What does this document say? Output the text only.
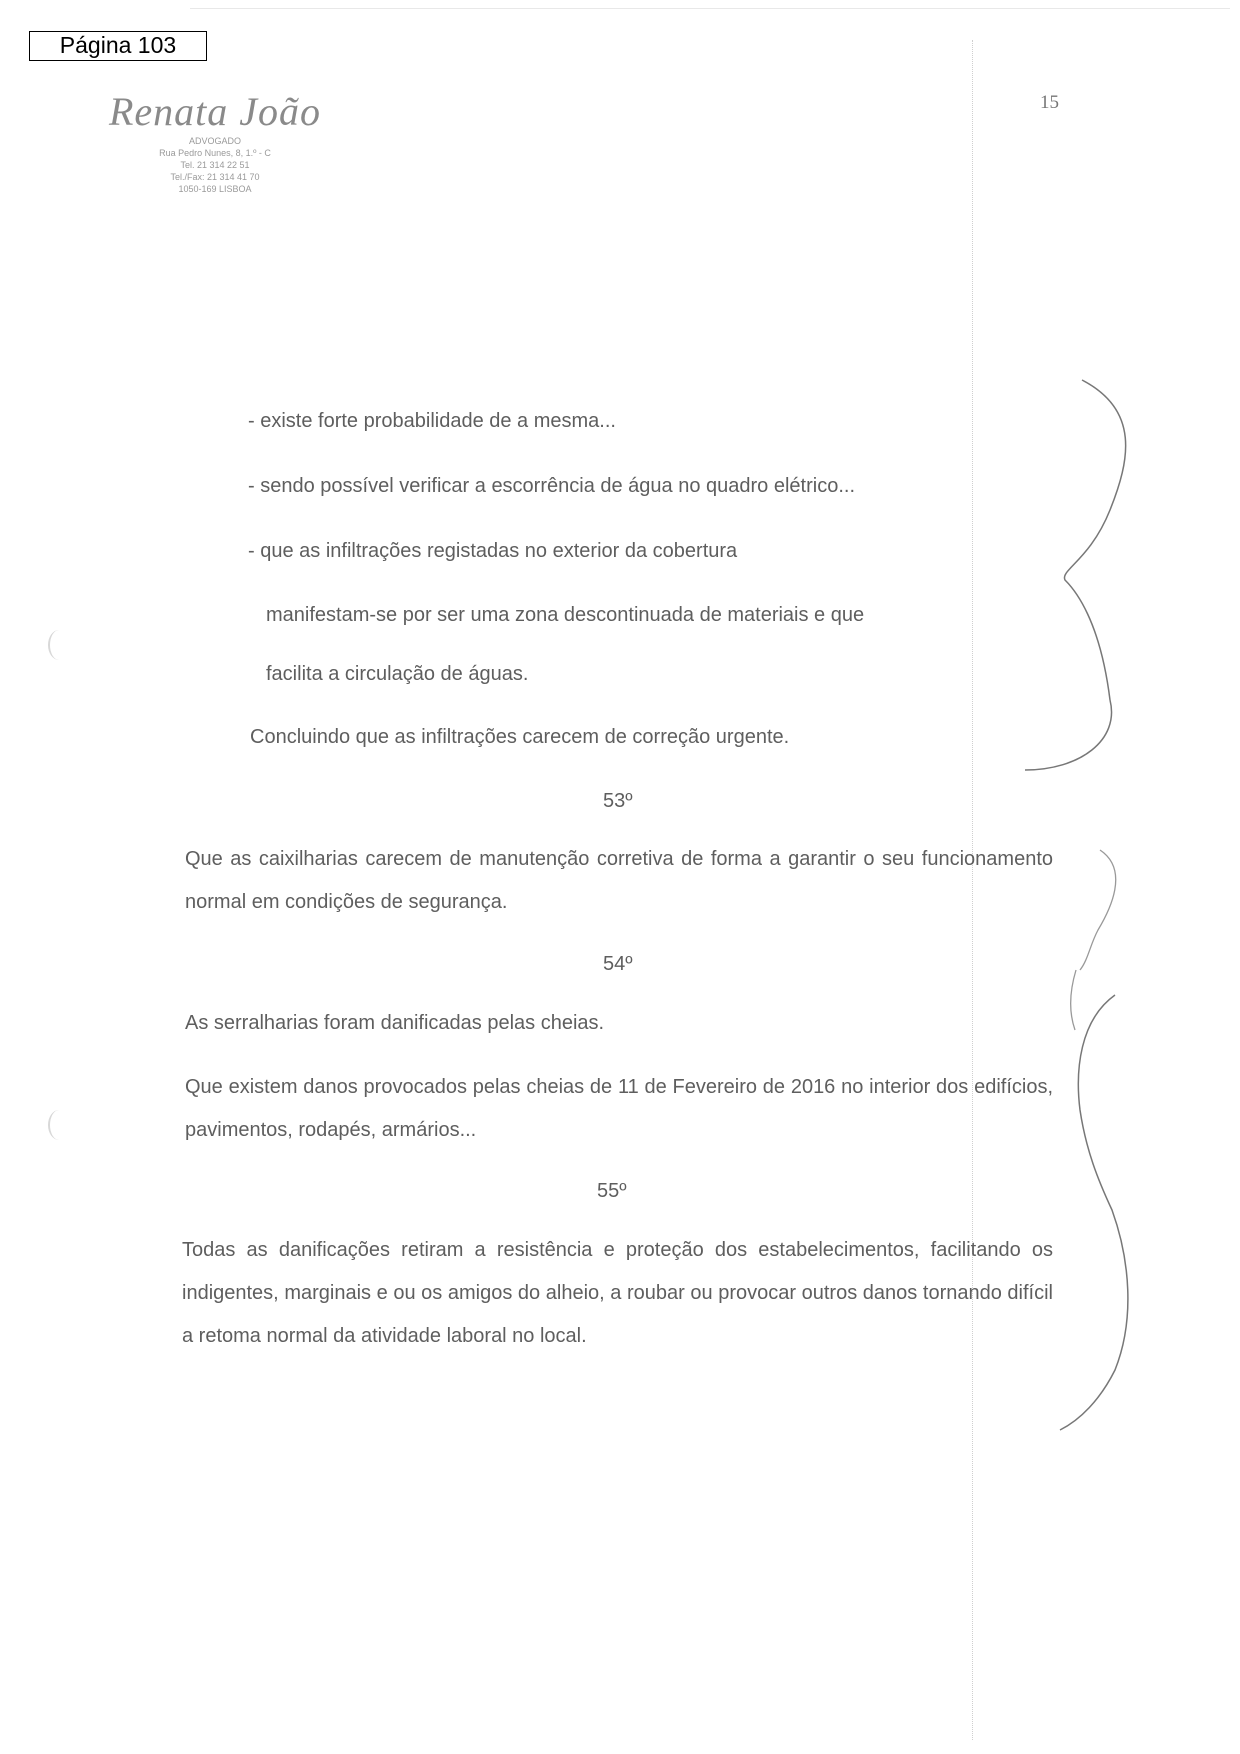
Página 103
Renata João
ADVOGADO
Rua Pedro Nunes, 8, 1.º - C
Tel. 21 314 22 51
Tel./Fax: 21 314 41 70
1050-169 LISBOA
15
- existe forte probabilidade de a mesma...
- sendo possível verificar a escorrência de água no quadro elétrico...
- que as infiltrações registadas no exterior da cobertura
manifestam-se por ser uma zona descontinuada de materiais e que
facilita a circulação de águas.
Concluindo que as infiltrações carecem de correção urgente.
53º
Que as caixilharias carecem de manutenção corretiva de forma a garantir o seu funcionamento normal em condições de segurança.
54º
As serralharias foram danificadas pelas cheias.
Que existem danos provocados pelas cheias de 11 de Fevereiro de 2016 no interior dos edifícios, pavimentos, rodapés, armários...
55º
Todas as danificações retiram a resistência e proteção dos estabelecimentos, facilitando os indigentes, marginais e ou os amigos do alheio, a roubar ou provocar outros danos tornando difícil a retoma normal da atividade laboral no local.
